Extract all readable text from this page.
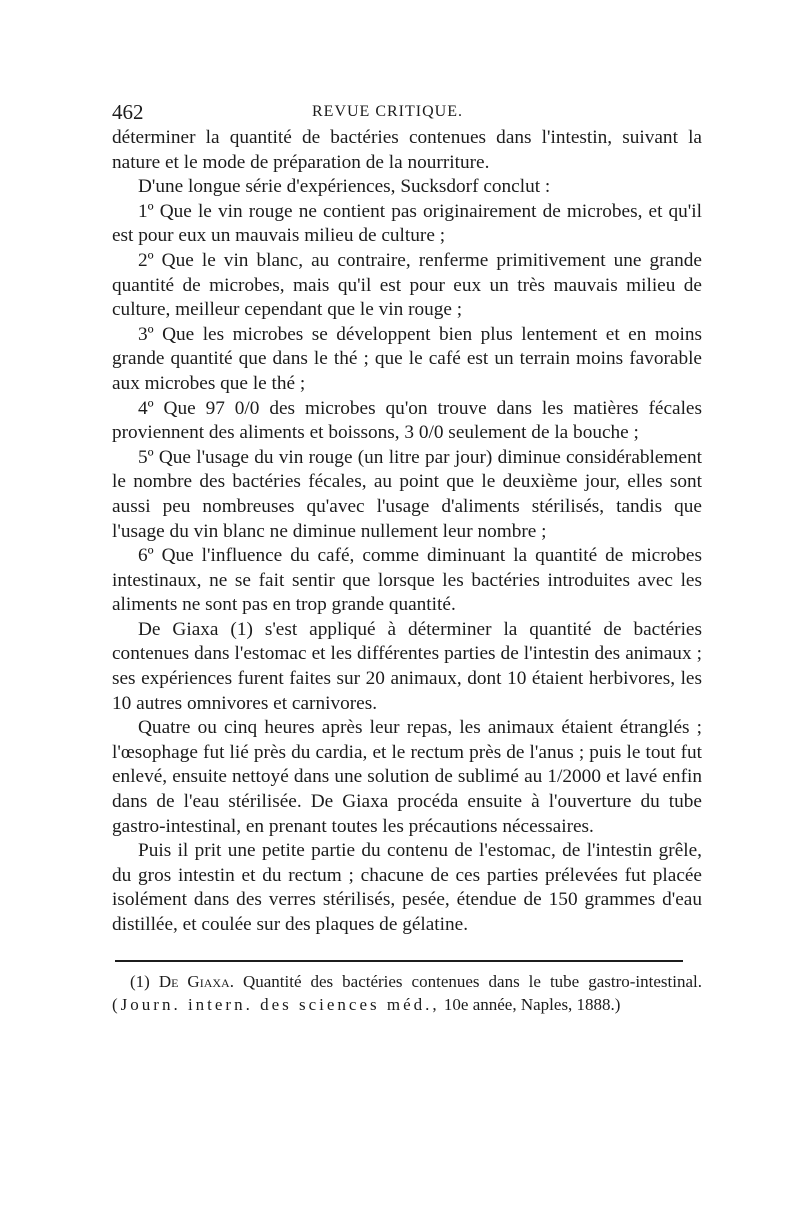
462	REVUE CRITIQUE.

déterminer la quantité de bactéries contenues dans l'intestin, suivant la nature et le mode de préparation de la nourriture.

D'une longue série d'expériences, Sucksdorf conclut :

1º Que le vin rouge ne contient pas originairement de microbes, et qu'il est pour eux un mauvais milieu de culture ;

2º Que le vin blanc, au contraire, renferme primitivement une grande quantité de microbes, mais qu'il est pour eux un très mauvais milieu de culture, meilleur cependant que le vin rouge ;

3º Que les microbes se développent bien plus lentement et en moins grande quantité que dans le thé ; que le café est un terrain moins favorable aux microbes que le thé ;

4º Que 97 0/0 des microbes qu'on trouve dans les matières fécales proviennent des aliments et boissons, 3 0/0 seulement de la bouche ;

5º Que l'usage du vin rouge (un litre par jour) diminue considérablement le nombre des bactéries fécales, au point que le deuxième jour, elles sont aussi peu nombreuses qu'avec l'usage d'aliments stérilisés, tandis que l'usage du vin blanc ne diminue nullement leur nombre ;

6º Que l'influence du café, comme diminuant la quantité de microbes intestinaux, ne se fait sentir que lorsque les bactéries introduites avec les aliments ne sont pas en trop grande quantité.

De Giaxa (1) s'est appliqué à déterminer la quantité de bactéries contenues dans l'estomac et les différentes parties de l'intestin des animaux ; ses expériences furent faites sur 20 animaux, dont 10 étaient herbivores, les 10 autres omnivores et carnivores.

Quatre ou cinq heures après leur repas, les animaux étaient étranglés ; l'œsophage fut lié près du cardia, et le rectum près de l'anus ; puis le tout fut enlevé, ensuite nettoyé dans une solution de sublimé au 1/2000 et lavé enfin dans de l'eau stérilisée. De Giaxa procéda ensuite à l'ouverture du tube gastro-intestinal, en prenant toutes les précautions nécessaires.

Puis il prit une petite partie du contenu de l'estomac, de l'intestin grêle, du gros intestin et du rectum ; chacune de ces parties prélevées fut placée isolément dans des verres stérilisés, pesée, étendue de 150 grammes d'eau distillée, et coulée sur des plaques de gélatine.

(1) De Giaxa. Quantité des bactéries contenues dans le tube gastro-intestinal. (Journ. intern. des sciences méd., 10e année, Naples, 1888.)
